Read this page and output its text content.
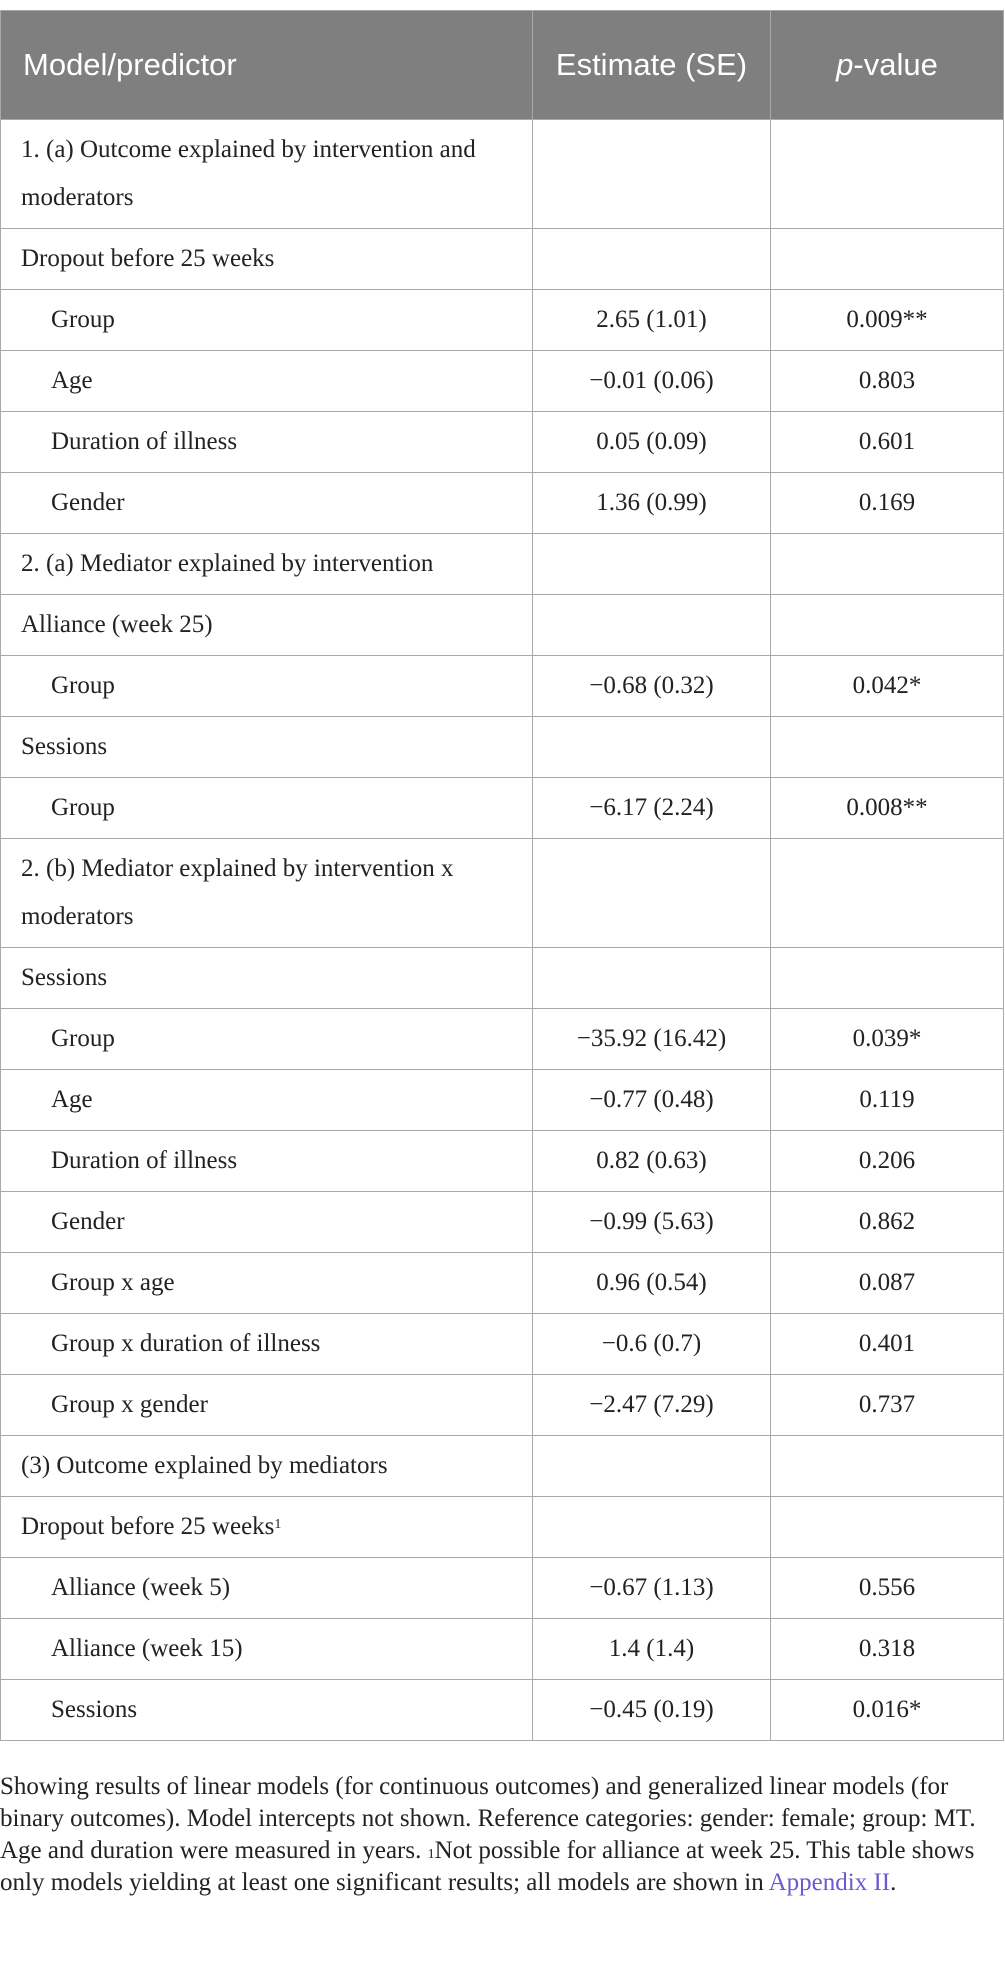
Model/predictor	Estimate (SE)	p-value
1. (a) Outcome explained by intervention and moderators		
Dropout before 25 weeks		
Group	2.65 (1.01)	0.009**
Age	−0.01 (0.06)	0.803
Duration of illness	0.05 (0.09)	0.601
Gender	1.36 (0.99)	0.169
2. (a) Mediator explained by intervention		
Alliance (week 25)		
Group	−0.68 (0.32)	0.042*
Sessions		
Group	−6.17 (2.24)	0.008**
2. (b) Mediator explained by intervention x moderators		
Sessions		
Group	−35.92 (16.42)	0.039*
Age	−0.77 (0.48)	0.119
Duration of illness	0.82 (0.63)	0.206
Gender	−0.99 (5.63)	0.862
Group x age	0.96 (0.54)	0.087
Group x duration of illness	−0.6 (0.7)	0.401
Group x gender	−2.47 (7.29)	0.737
(3) Outcome explained by mediators		
Dropout before 25 weeks$^1$		
Alliance (week 5)	−0.67 (1.13)	0.556
Alliance (week 15)	1.4 (1.4)	0.318
Sessions	−0.45 (0.19)	0.016*
Showing results of linear models (for continuous outcomes) and generalized linear models (for binary outcomes). Model intercepts not shown. Reference categories: gender: female; group: MT. Age and duration were measured in years. $^1$Not possible for alliance at week 25. This table shows only models yielding at least one significant results; all models are shown in Appendix II.
